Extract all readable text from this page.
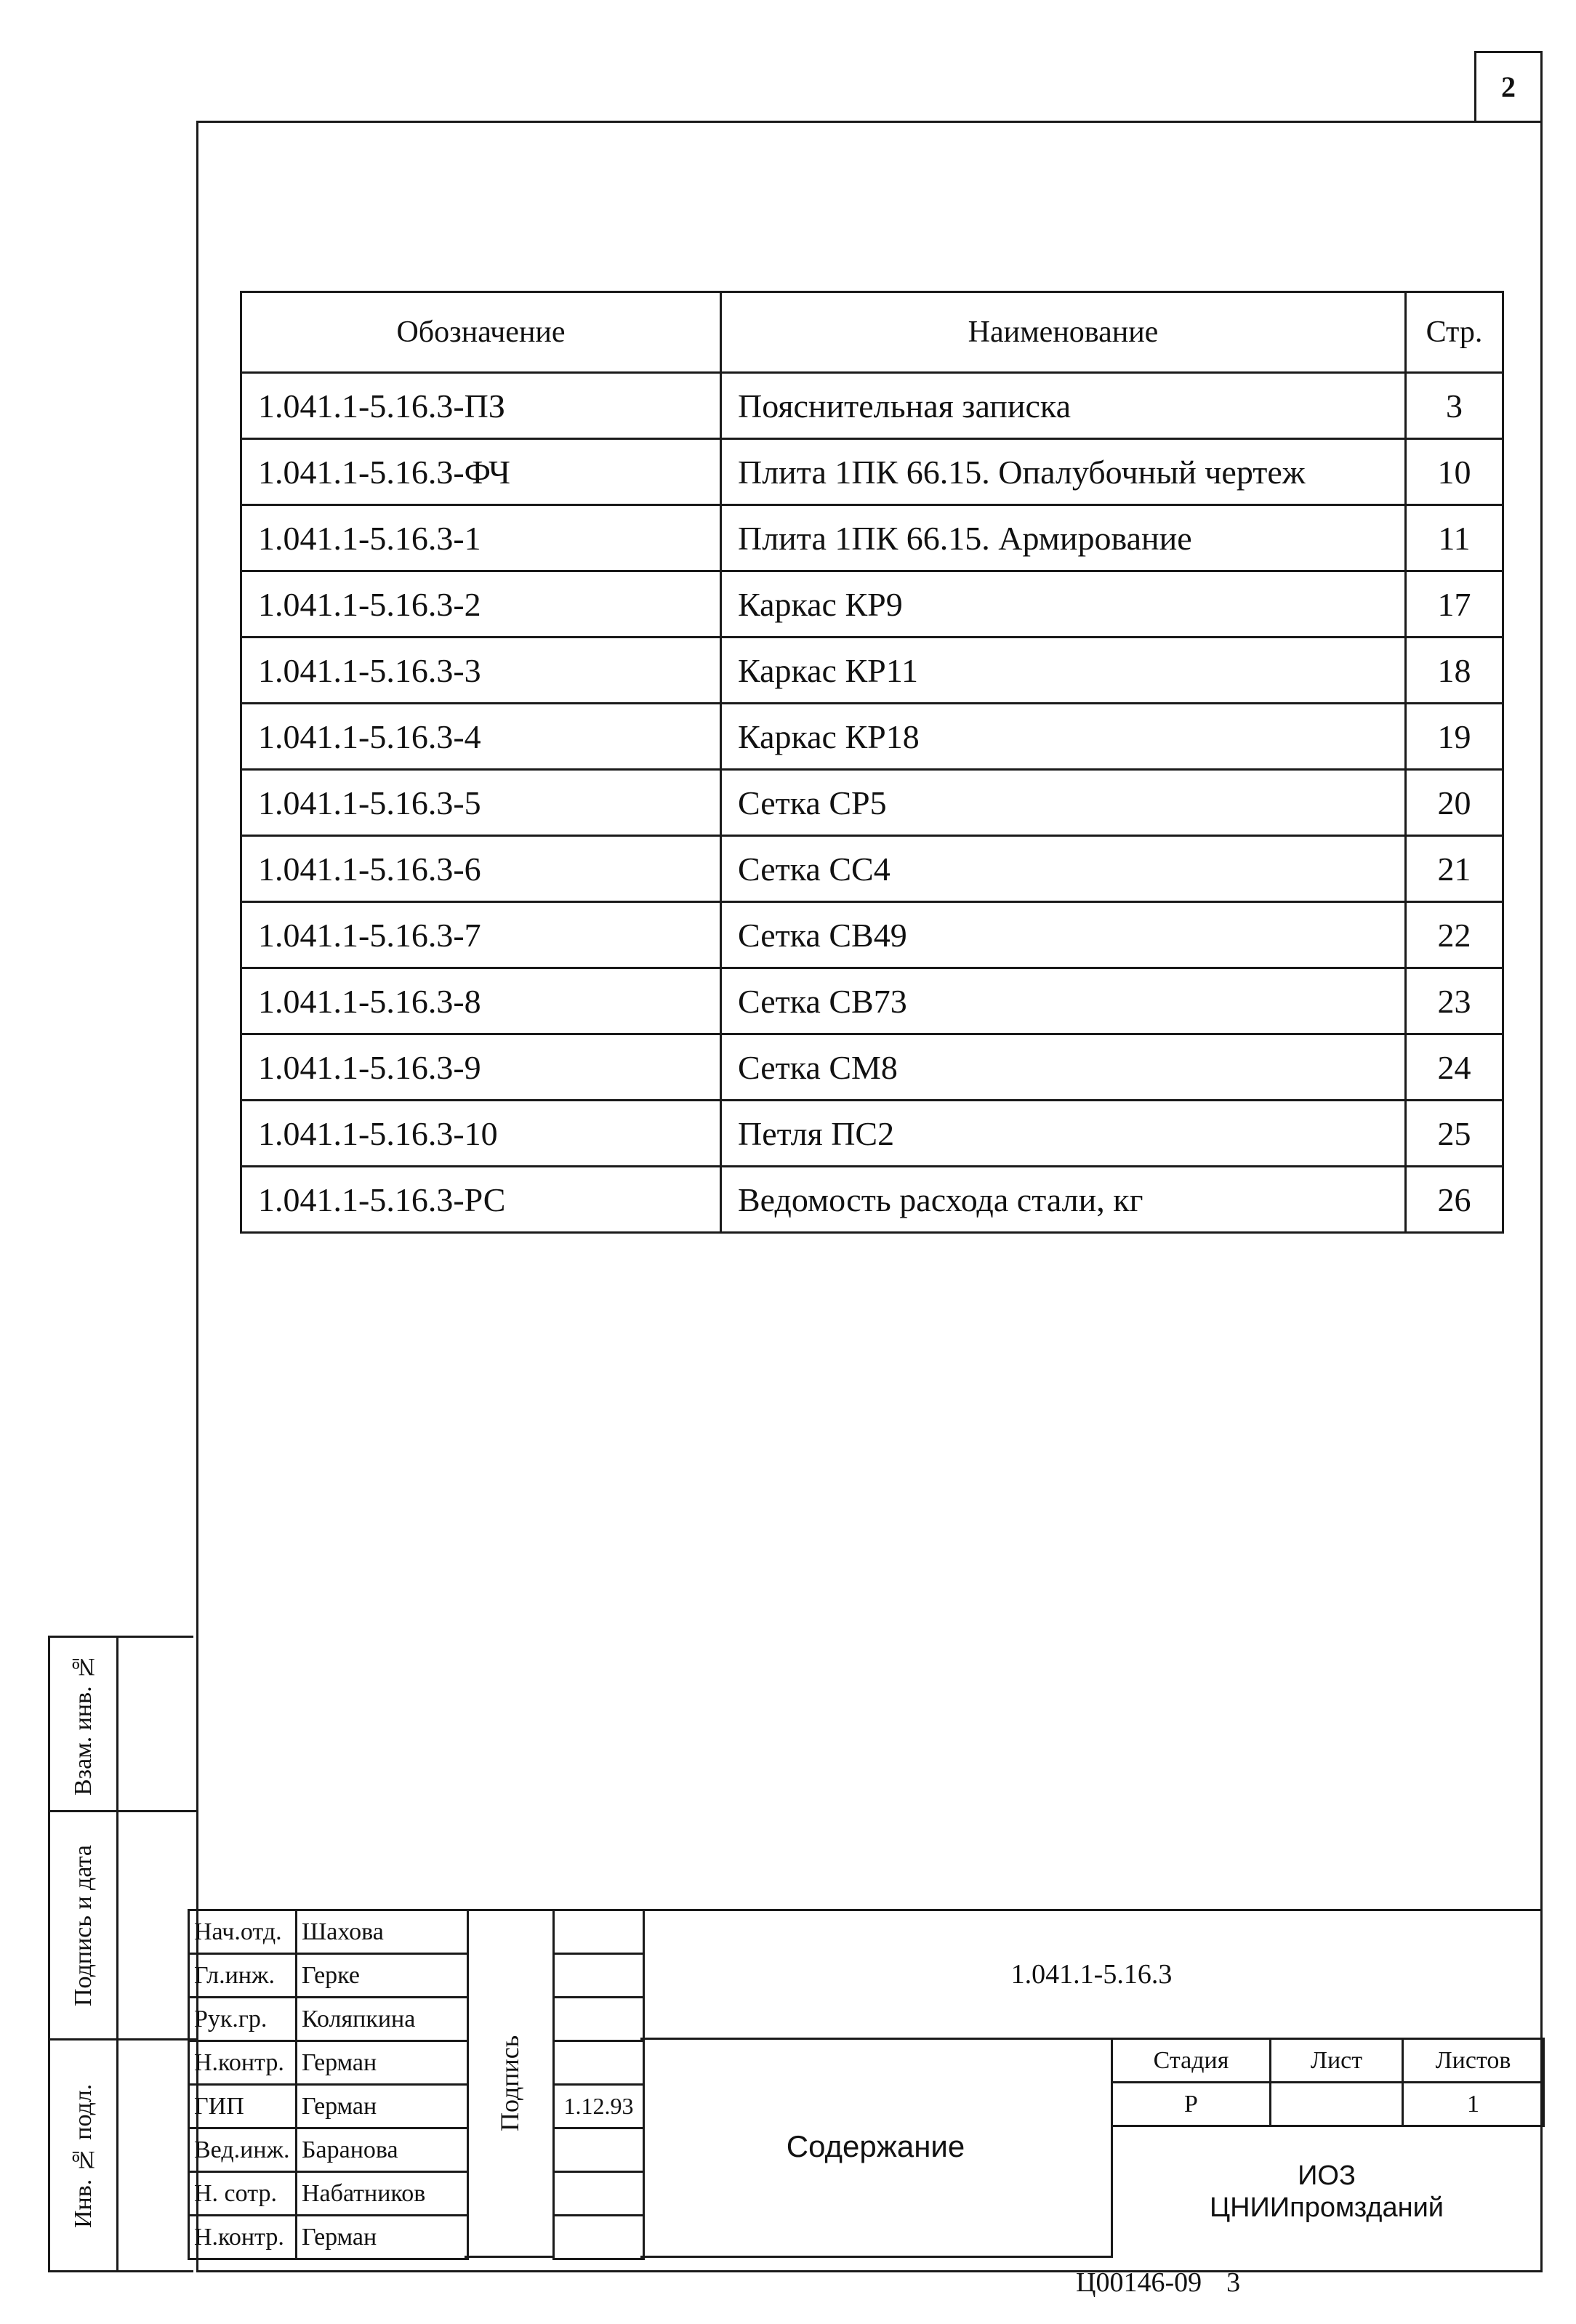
2
Обозначение	Наименование	Стр.
1.041.1-5.16.3-ПЗ	Пояснительная записка	3
1.041.1-5.16.3-ФЧ	Плита 1ПК 66.15. Опалубочный чертеж	10
1.041.1-5.16.3-1	Плита 1ПК 66.15. Армирование	11
1.041.1-5.16.3-2	Каркас КР9	17
1.041.1-5.16.3-3	Каркас КР11	18
1.041.1-5.16.3-4	Каркас КР18	19
1.041.1-5.16.3-5	Сетка СР5	20
1.041.1-5.16.3-6	Сетка СС4	21
1.041.1-5.16.3-7	Сетка СВ49	22
1.041.1-5.16.3-8	Сетка СВ73	23
1.041.1-5.16.3-9	Сетка СМ8	24
1.041.1-5.16.3-10	Петля ПС2	25
1.041.1-5.16.3-РС	Ведомость расхода стали, кг	26
Взам. инв. №
Подпись и дата
Инв. № подл.
Нач.отд.	Шахова
Гл.инж.	Герке
Рук.гр.	Коляпкина
Н.контр.	Герман
ГИП	Герман
Вед.инж.	Баранова
Н. сотр.	Набатников
Н.контр.	Герман
Подпись	1.12.93

1.041.1-5.16.3
Содержание
Стадия	Лист	Листов
Р		1
ИОЗ
ЦНИИпромзданий
Ц00146-09 3
